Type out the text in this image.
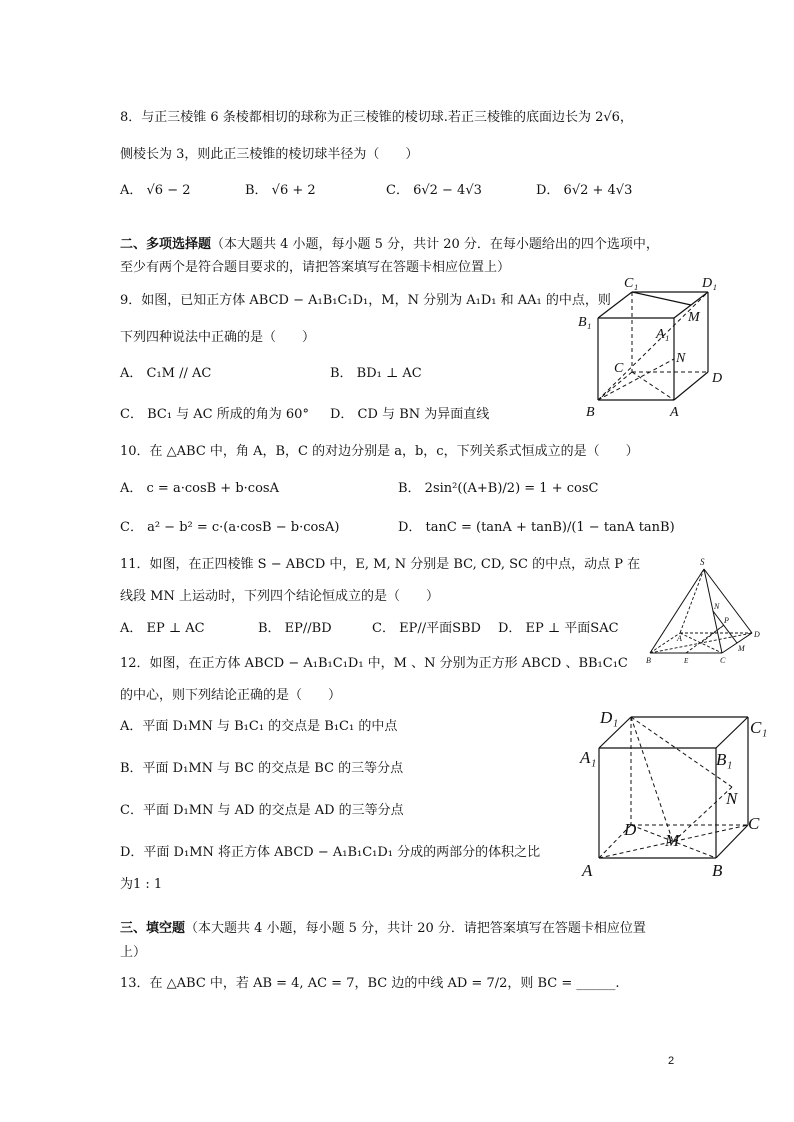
8．与正三棱锥 6 条棱都相切的球称为正三棱锥的棱切球.若正三棱锥的底面边长为 2√6，
侧棱长为 3，则此正三棱锥的棱切球半径为（　　）
A． √6 − 2	B． √6 + 2	C． 6√2 − 4√3	D． 6√2 + 4√3
二、多项选择题（本大题共 4 小题，每小题 5 分，共计 20 分．在每小题给出的四个选项中，
至少有两个是符合题目要求的，请把答案填写在答题卡相应位置上）
9．如图，已知正方体 ABCD − A₁B₁C₁D₁，M，N 分别为 A₁D₁ 和 AA₁ 的中点，则
下列四种说法中正确的是（　　）
A． C₁M // AC	B． BD₁ ⊥ AC
C． BC₁ 与 AC 所成的角为 60° D． CD 与 BN 为异面直线
C₁	D₁
B₁
A₁
M
N
C
D
B	A
10．在 △ABC 中，角 A，B，C 的对边分别是 a，b，c，下列关系式恒成立的是（　　）
A． c = a·cosB + b·cosA	B． 2sin²((A+B)/2) = 1 + cosC
C． a² − b² = c·(a·cosB − b·cosA)	D． tanC = (tanA + tanB)/(1 − tanA tanB)
11．如图，在正四棱锥 S − ABCD 中，E, M, N 分别是 BC, CD, SC 的中点，动点 P 在
线段 MN 上运动时，下列四个结论恒成立的是（　　）
A． EP ⊥ AC	B． EP//BD	C． EP//平面SBD D． EP ⊥ 平面SAC
S
N
P
A	D
M
B	E	C
12．如图，在正方体 ABCD − A₁B₁C₁D₁ 中，M 、N 分别为正方形 ABCD 、BB₁C₁C
的中心，则下列结论正确的是（　　）
A．平面 D₁MN 与 B₁C₁ 的交点是 B₁C₁ 的中点
B．平面 D₁MN 与 BC 的交点是 BC 的三等分点
C．平面 D₁MN 与 AD 的交点是 AD 的三等分点
D．平面 D₁MN 将正方体 ABCD − A₁B₁C₁D₁ 分成的两部分的体积之比
为1 : 1
D₁
C₁
A₁	B₁
N
D
M
C
A	B
三、填空题（本大题共 4 小题，每小题 5 分，共计 20 分．请把答案填写在答题卡相应位置
上）
13．在 △ABC 中，若 AB = 4, AC = 7，BC 边的中线 AD = 7/2，则 BC = ______.
2
